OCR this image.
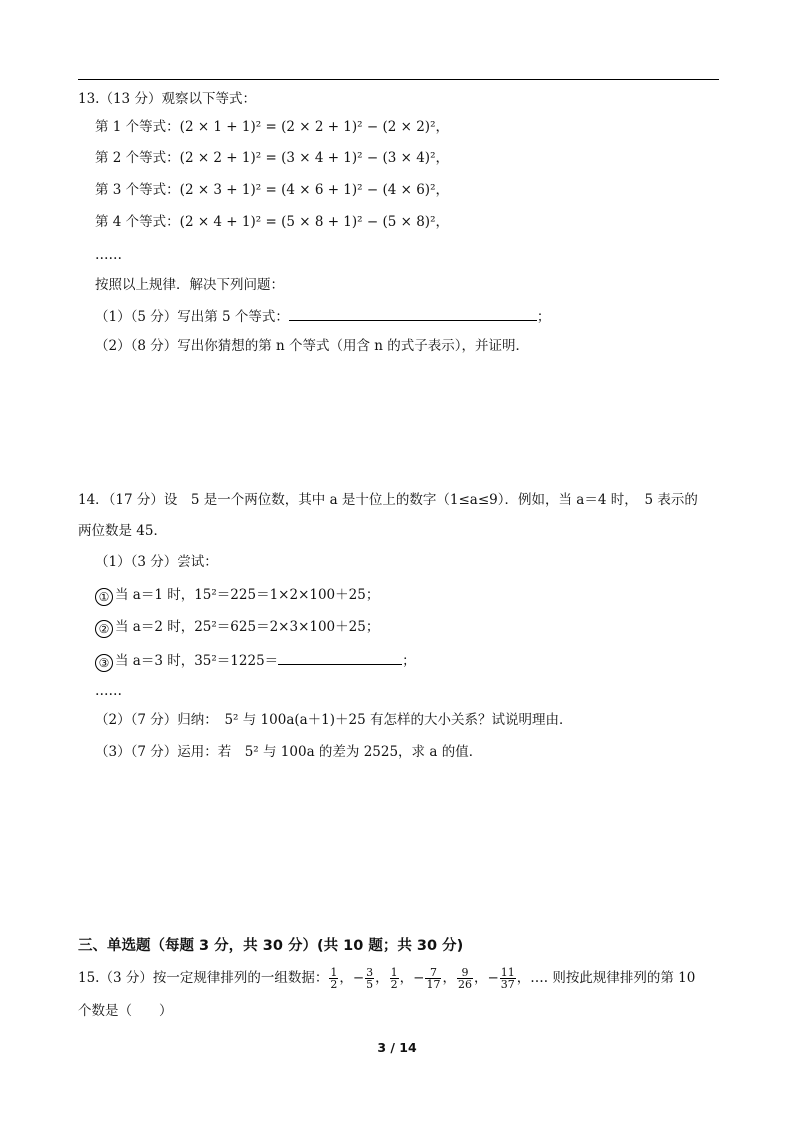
13.（13 分）观察以下等式：
第 1 个等式：(2 × 1 + 1)² = (2 × 2 + 1)² − (2 × 2)²，
第 2 个等式：(2 × 2 + 1)² = (3 × 4 + 1)² − (3 × 4)²，
第 3 个等式：(2 × 3 + 1)² = (4 × 6 + 1)² − (4 × 6)²，
第 4 个等式：(2 × 4 + 1)² = (5 × 8 + 1)² − (5 × 8)²，
……
按照以上规律．解决下列问题：
（1）（5 分）写出第 5 个等式：	；
（2）（8 分）写出你猜想的第 n 个等式（用含 n 的式子表示），并证明．
14．（17 分）设　5 是一个两位数，其中 a 是十位上的数字（1≤a≤9）．例如，当 a＝4 时，　5 表示的
两位数是 45．
（1）（3 分）尝试：
① 当 a＝1 时，15²＝225＝1×2×100＋25；
② 当 a＝2 时，25²＝625＝2×3×100＋25；
③ 当 a＝3 时，35²＝1225＝	；
……
（2）（7 分）归纳：　5² 与 100a(a＋1)＋25 有怎样的大小关系？试说明理由．
（3）（7 分）运用：若　5² 与 100a 的差为 2525，求 a 的值．
三、单选题（每题 3 分，共 30 分）(共 10 题；共 30 分)
15.（3 分）按一定规律排列的一组数据： $\frac{1}{2}$ ，− $\frac{3}{5}$ ， $\frac{1}{2}$ ，− $\frac{7}{17}$ ， $\frac{9}{26}$ ，− $\frac{11}{37}$ ，…. 则按此规律排列的第 10
个数是（　　）
3 / 14
